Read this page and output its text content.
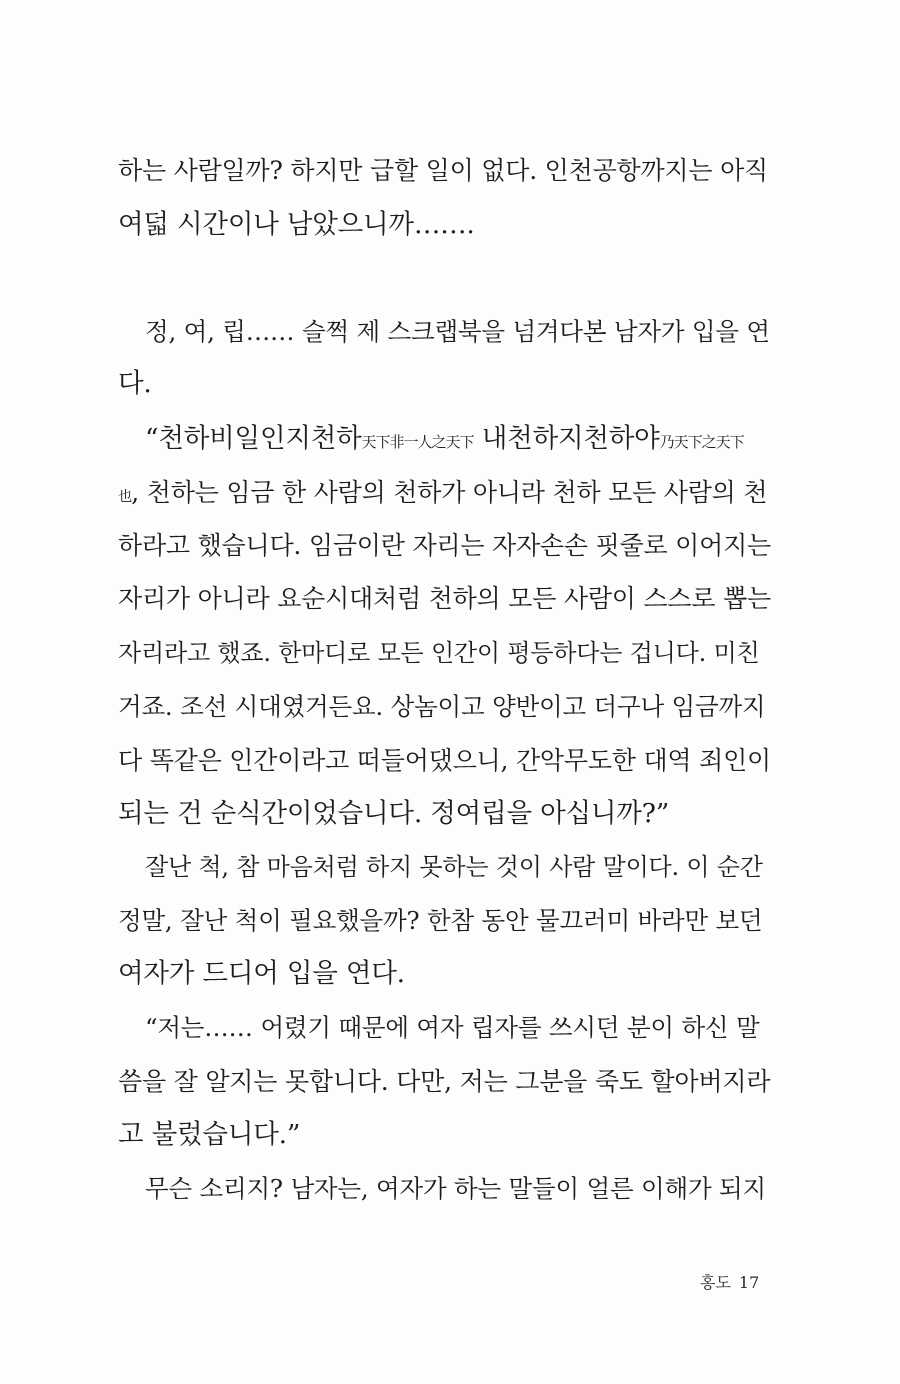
하는 사람일까? 하지만 급할 일이 없다. 인천공항까지는 아직
여덟 시간이나 남았으니까…….
정, 여, 립…… 슬쩍 제 스크랩북을 넘겨다본 남자가 입을 연
다.
“천하비일인지천하天下非一人之天下 내천하지천하야乃天下之天下
也, 천하는 임금 한 사람의 천하가 아니라 천하 모든 사람의 천
하라고 했습니다. 임금이란 자리는 자자손손 핏줄로 이어지는
자리가 아니라 요순시대처럼 천하의 모든 사람이 스스로 뽑는
자리라고 했죠. 한마디로 모든 인간이 평등하다는 겁니다. 미친
거죠. 조선 시대였거든요. 상놈이고 양반이고 더구나 임금까지
다 똑같은 인간이라고 떠들어댔으니, 간악무도한 대역 죄인이
되는 건 순식간이었습니다. 정여립을 아십니까?”
잘난 척, 참 마음처럼 하지 못하는 것이 사람 말이다. 이 순간
정말, 잘난 척이 필요했을까? 한참 동안 물끄러미 바라만 보던
여자가 드디어 입을 연다.
“저는…… 어렸기 때문에 여자 립자를 쓰시던 분이 하신 말
씀을 잘 알지는 못합니다. 다만, 저는 그분을 죽도 할아버지라
고 불렀습니다.”
무슨 소리지? 남자는, 여자가 하는 말들이 얼른 이해가 되지
홍도 17
